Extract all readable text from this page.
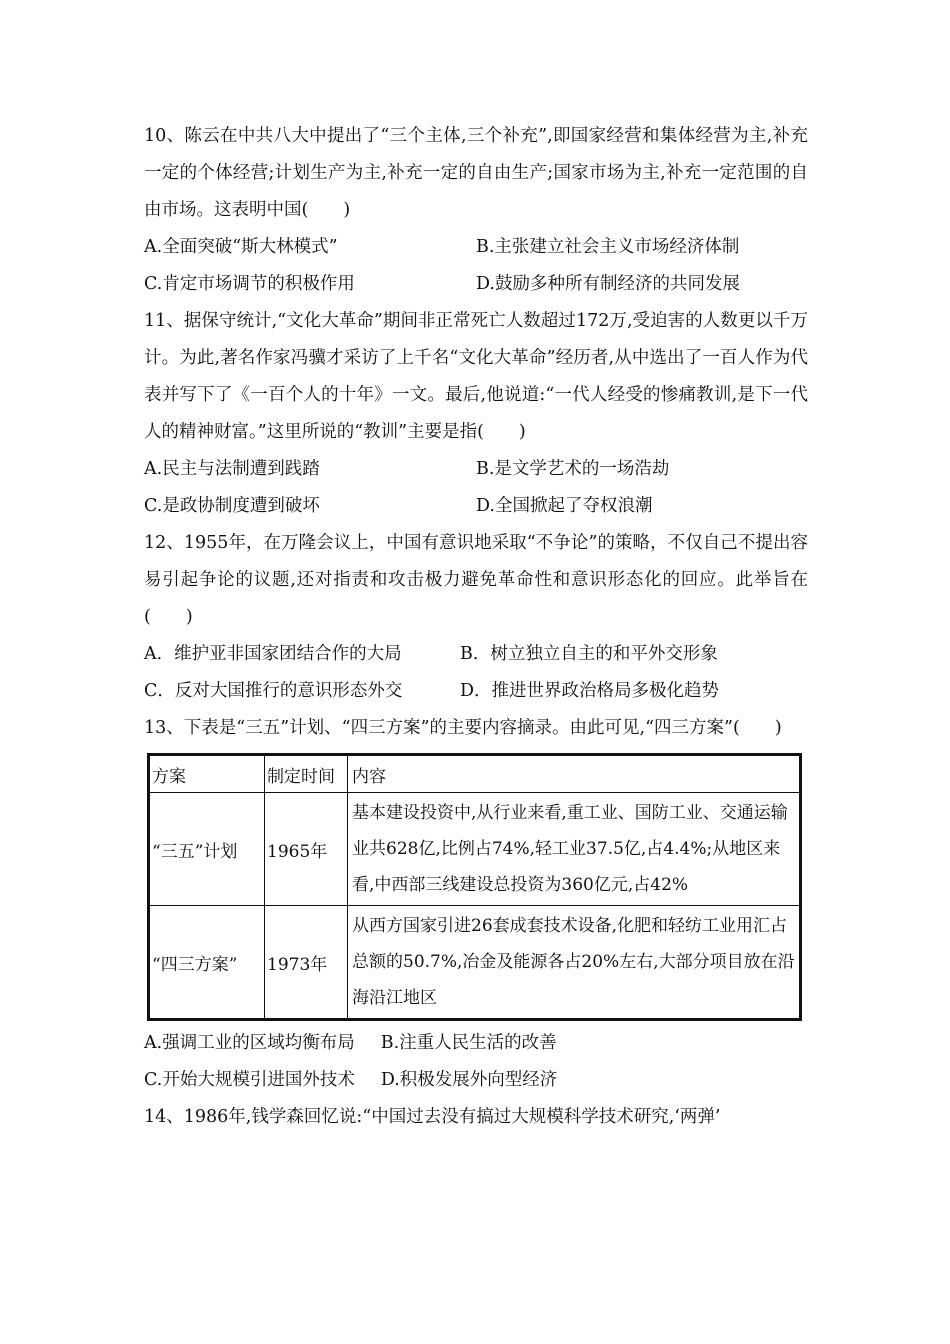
10、陈云在中共八大中提出了“三个主体,三个补充”,即国家经营和集体经营为主,补充一定的个体经营;计划生产为主,补充一定的自由生产;国家市场为主,补充一定范围的自由市场。这表明中国(　　)

A.全面突破“斯大林模式”	B.主张建立社会主义市场经济体制
C.肯定市场调节的积极作用	D.鼓励多种所有制经济的共同发展

11、据保守统计,“文化大革命”期间非正常死亡人数超过172万,受迫害的人数更以千万计。为此,著名作家冯骥才采访了上千名“文化大革命”经历者,从中选出了一百人作为代表并写下了《一百个人的十年》一文。最后,他说道:“一代人经受的惨痛教训,是下一代人的精神财富。”这里所说的“教训”主要是指(　　)

A.民主与法制遭到践踏	B.是文学艺术的一场浩劫
C.是政协制度遭到破坏	D.全国掀起了夺权浪潮

12、1955年，在万隆会议上，中国有意识地采取“不争论”的策略，不仅自己不提出容易引起争论的议题,还对指责和攻击极力避免革命性和意识形态化的回应。此举旨在(　　)

A．维护亚非国家团结合作的大局	B．树立独立自主的和平外交形象
C．反对大国推行的意识形态外交	D．推进世界政治格局多极化趋势

13、下表是“三五”计划、“四三方案”的主要内容摘录。由此可见,“四三方案”(　　)

方案	制定时间	内容
“三五”计划	1965年	基本建设投资中,从行业来看,重工业、国防工业、交通运输业共628亿,比例占74%,轻工业37.5亿,占4.4%;从地区来看,中西部三线建设总投资为360亿元,占42%
“四三方案”	1973年	从西方国家引进26套成套技术设备,化肥和轻纺工业用汇占总额的50.7%,冶金及能源各占20%左右,大部分项目放在沿海沿江地区
A.强调工业的区域均衡布局 B.注重人民生活的改善
C.开始大规模引进国外技术 D.积极发展外向型经济

14、1986年,钱学森回忆说:“中国过去没有搞过大规模科学技术研究,‘两弹’
